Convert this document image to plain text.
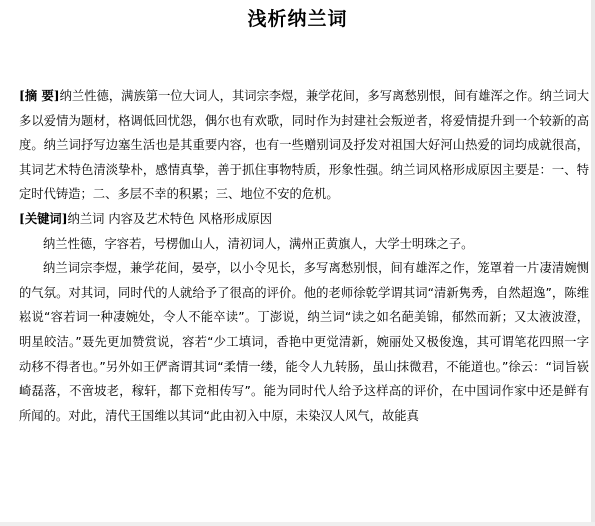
浅析纳兰词

[摘 要]纳兰性德，满族第一位大词人，其词宗李煜，兼学花间，多写离愁别恨，间有雄浑之作。纳兰词大多以爱情为题材，格调低回忧怨，偶尔也有欢歌，同时作为封建社会叛逆者，将爱情提升到一个较新的高度。纳兰词抒写边塞生活也是其重要内容，也有一些赠别词及抒发对祖国大好河山热爱的词均成就很高，其词艺术特色清淡挚朴，感情真挚，善于抓住事物特质，形象性强。纳兰词风格形成原因主要是：一、特定时代铸造；二、多层不幸的积累；三、地位不安的危机。

[关键词]纳兰词 内容及艺术特色 风格形成原因

纳兰性德，字容若，号楞伽山人，清初词人，满州正黄旗人，大学士明珠之子。

纳兰词宗李煜，兼学花间，晏亭，以小令见长，多写离愁别恨，间有雄浑之作，笼罩着一片凄清婉恻的气氛。对其词，同时代的人就给予了很高的评价。他的老师徐乾学谓其词“清新隽秀，自然超逸”，陈维崧说“容若词一种凄婉处，令人不能卒读”。丁澎说，纳兰词“读之如名葩美锦，郁然而新；又太液波澄，明星皎洁。”聂先更加赞赏说，容若“少工填词，香艳中更觉清新，婉丽处又极俊逸，其可谓笔花四照一字动移不得者也。”另外如王俨斋谓其词“柔情一缕，能令人九转肠，虽山抹微君，不能道也。”徐云：“词旨嵚崎磊落，不啻坡老，稼轩，都下竞相传写”。能为同时代人给予这样高的评价，在中国词作家中还是鲜有所闻的。对此，清代王国维以其词“此由初入中原，未染汉人风气，故能真
